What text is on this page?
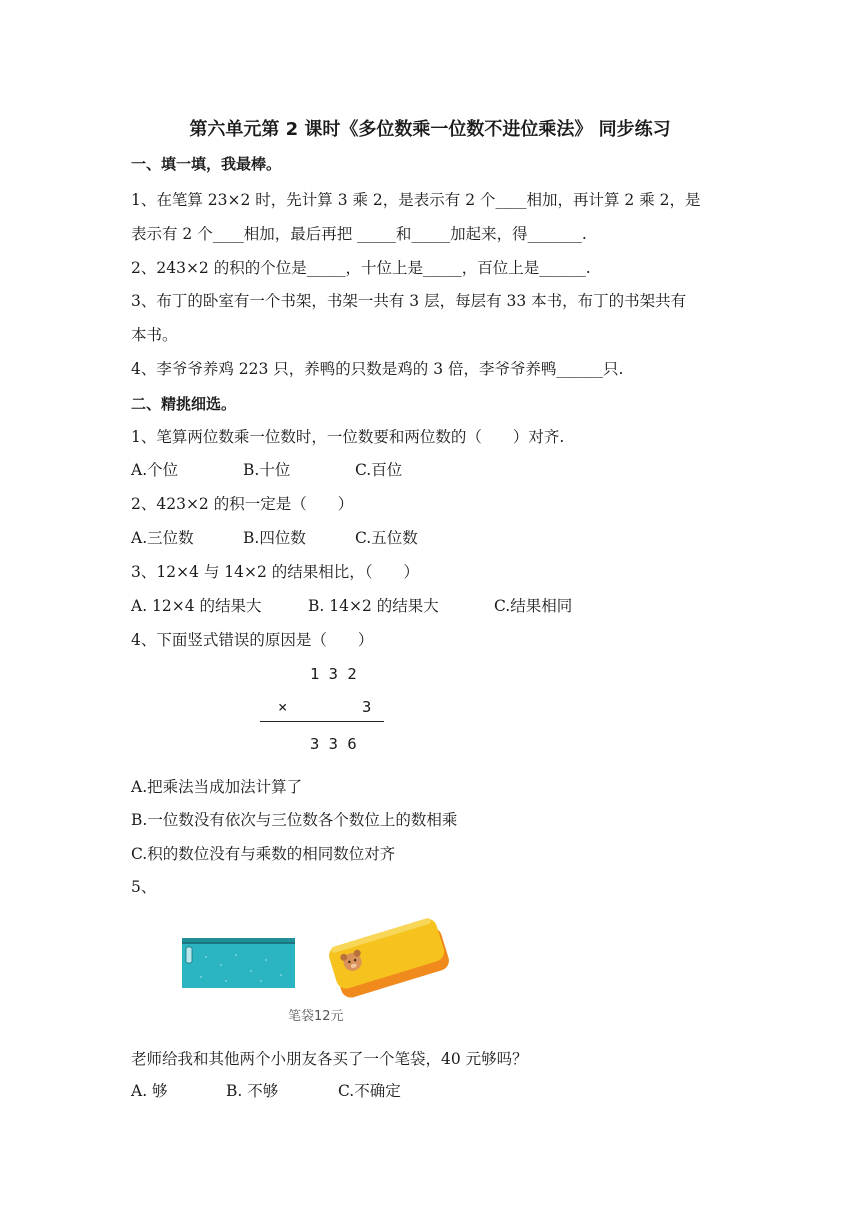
第六单元第 2 课时《多位数乘一位数不进位乘法》 同步练习
一、填一填，我最棒。
1、在笔算 23×2 时，先计算 3 乘 2，是表示有 2 个____相加，再计算 2 乘 2，是
表示有 2 个____相加，最后再把 _____和_____加起来，得_______.
2、243×2 的积的个位是_____，十位上是_____，百位上是______.
3、布丁的卧室有一个书架，书架一共有 3 层，每层有 33 本书，布丁的书架共有
本书。
4、李爷爷养鸡 223 只，养鸭的只数是鸡的 3 倍，李爷爷养鸭______只.
二、精挑细选。
1、笔算两位数乘一位数时，一位数要和两位数的（　　）对齐.
A.个位	B.十位	C.百位
2、423×2 的积一定是（　　）
A.三位数	B.四位数	C.五位数
3、12×4 与 14×2 的结果相比，（　　）
A. 12×4 的结果大	B. 14×2 的结果大	C.结果相同
4、下面竖式错误的原因是（　　）
1 3 2
×	3
3 3 6
A.把乘法当成加法计算了
B.一位数没有依次与三位数各个数位上的数相乘
C.积的数位没有与乘数的相同数位对齐
5、
笔袋12元
老师给我和其他两个小朋友各买了一个笔袋，40 元够吗？
A. 够	B. 不够	C.不确定
